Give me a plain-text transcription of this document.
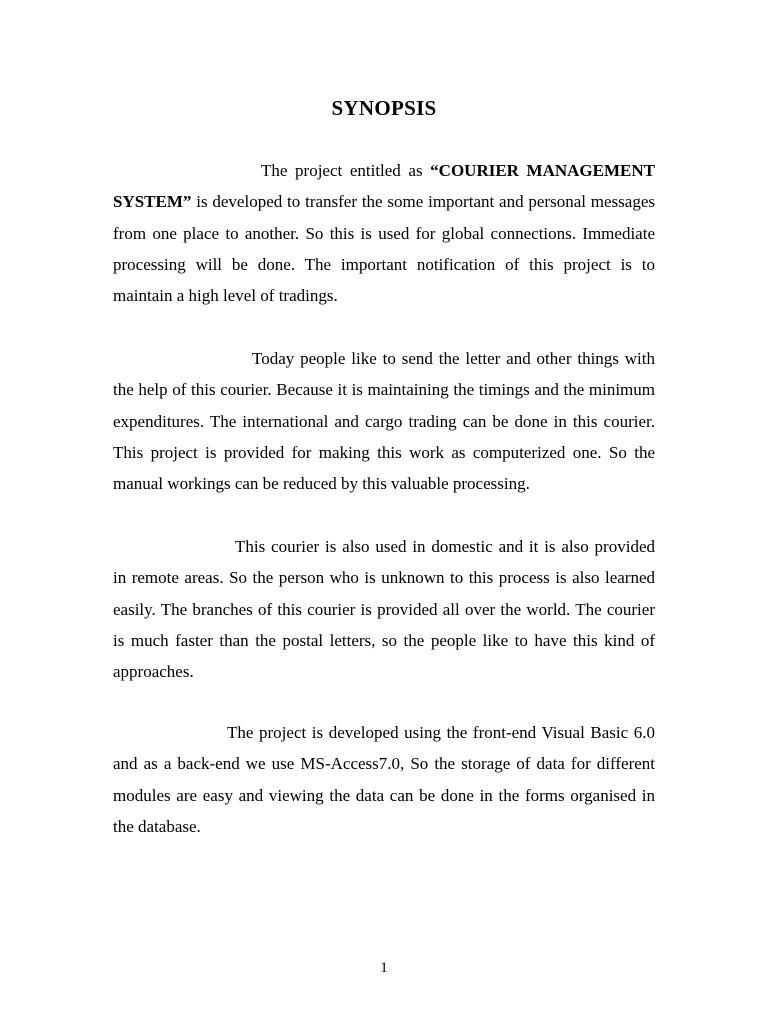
SYNOPSIS

The project entitled as “COURIER MANAGEMENT SYSTEM” is developed to transfer the some important and personal messages from one place to another. So this is used for global connections. Immediate processing will be done. The important notification of this project is to maintain a high level of tradings.

Today people like to send the letter and other things with the help of this courier. Because it is maintaining the timings and the minimum expenditures. The international and cargo trading can be done in this courier. This project is provided for making this work as computerized one. So the manual workings can be reduced by this valuable processing.

This courier is also used in domestic and it is also provided in remote areas. So the person who is unknown to this process is also learned easily. The branches of this courier is provided all over the world. The courier is much faster than the postal letters, so the people like to have this kind of approaches.

The project is developed using the front-end Visual Basic 6.0 and as a back-end we use MS-Access7.0, So the storage of data for different modules are easy and viewing the data can be done in the forms organised in the database.

1
